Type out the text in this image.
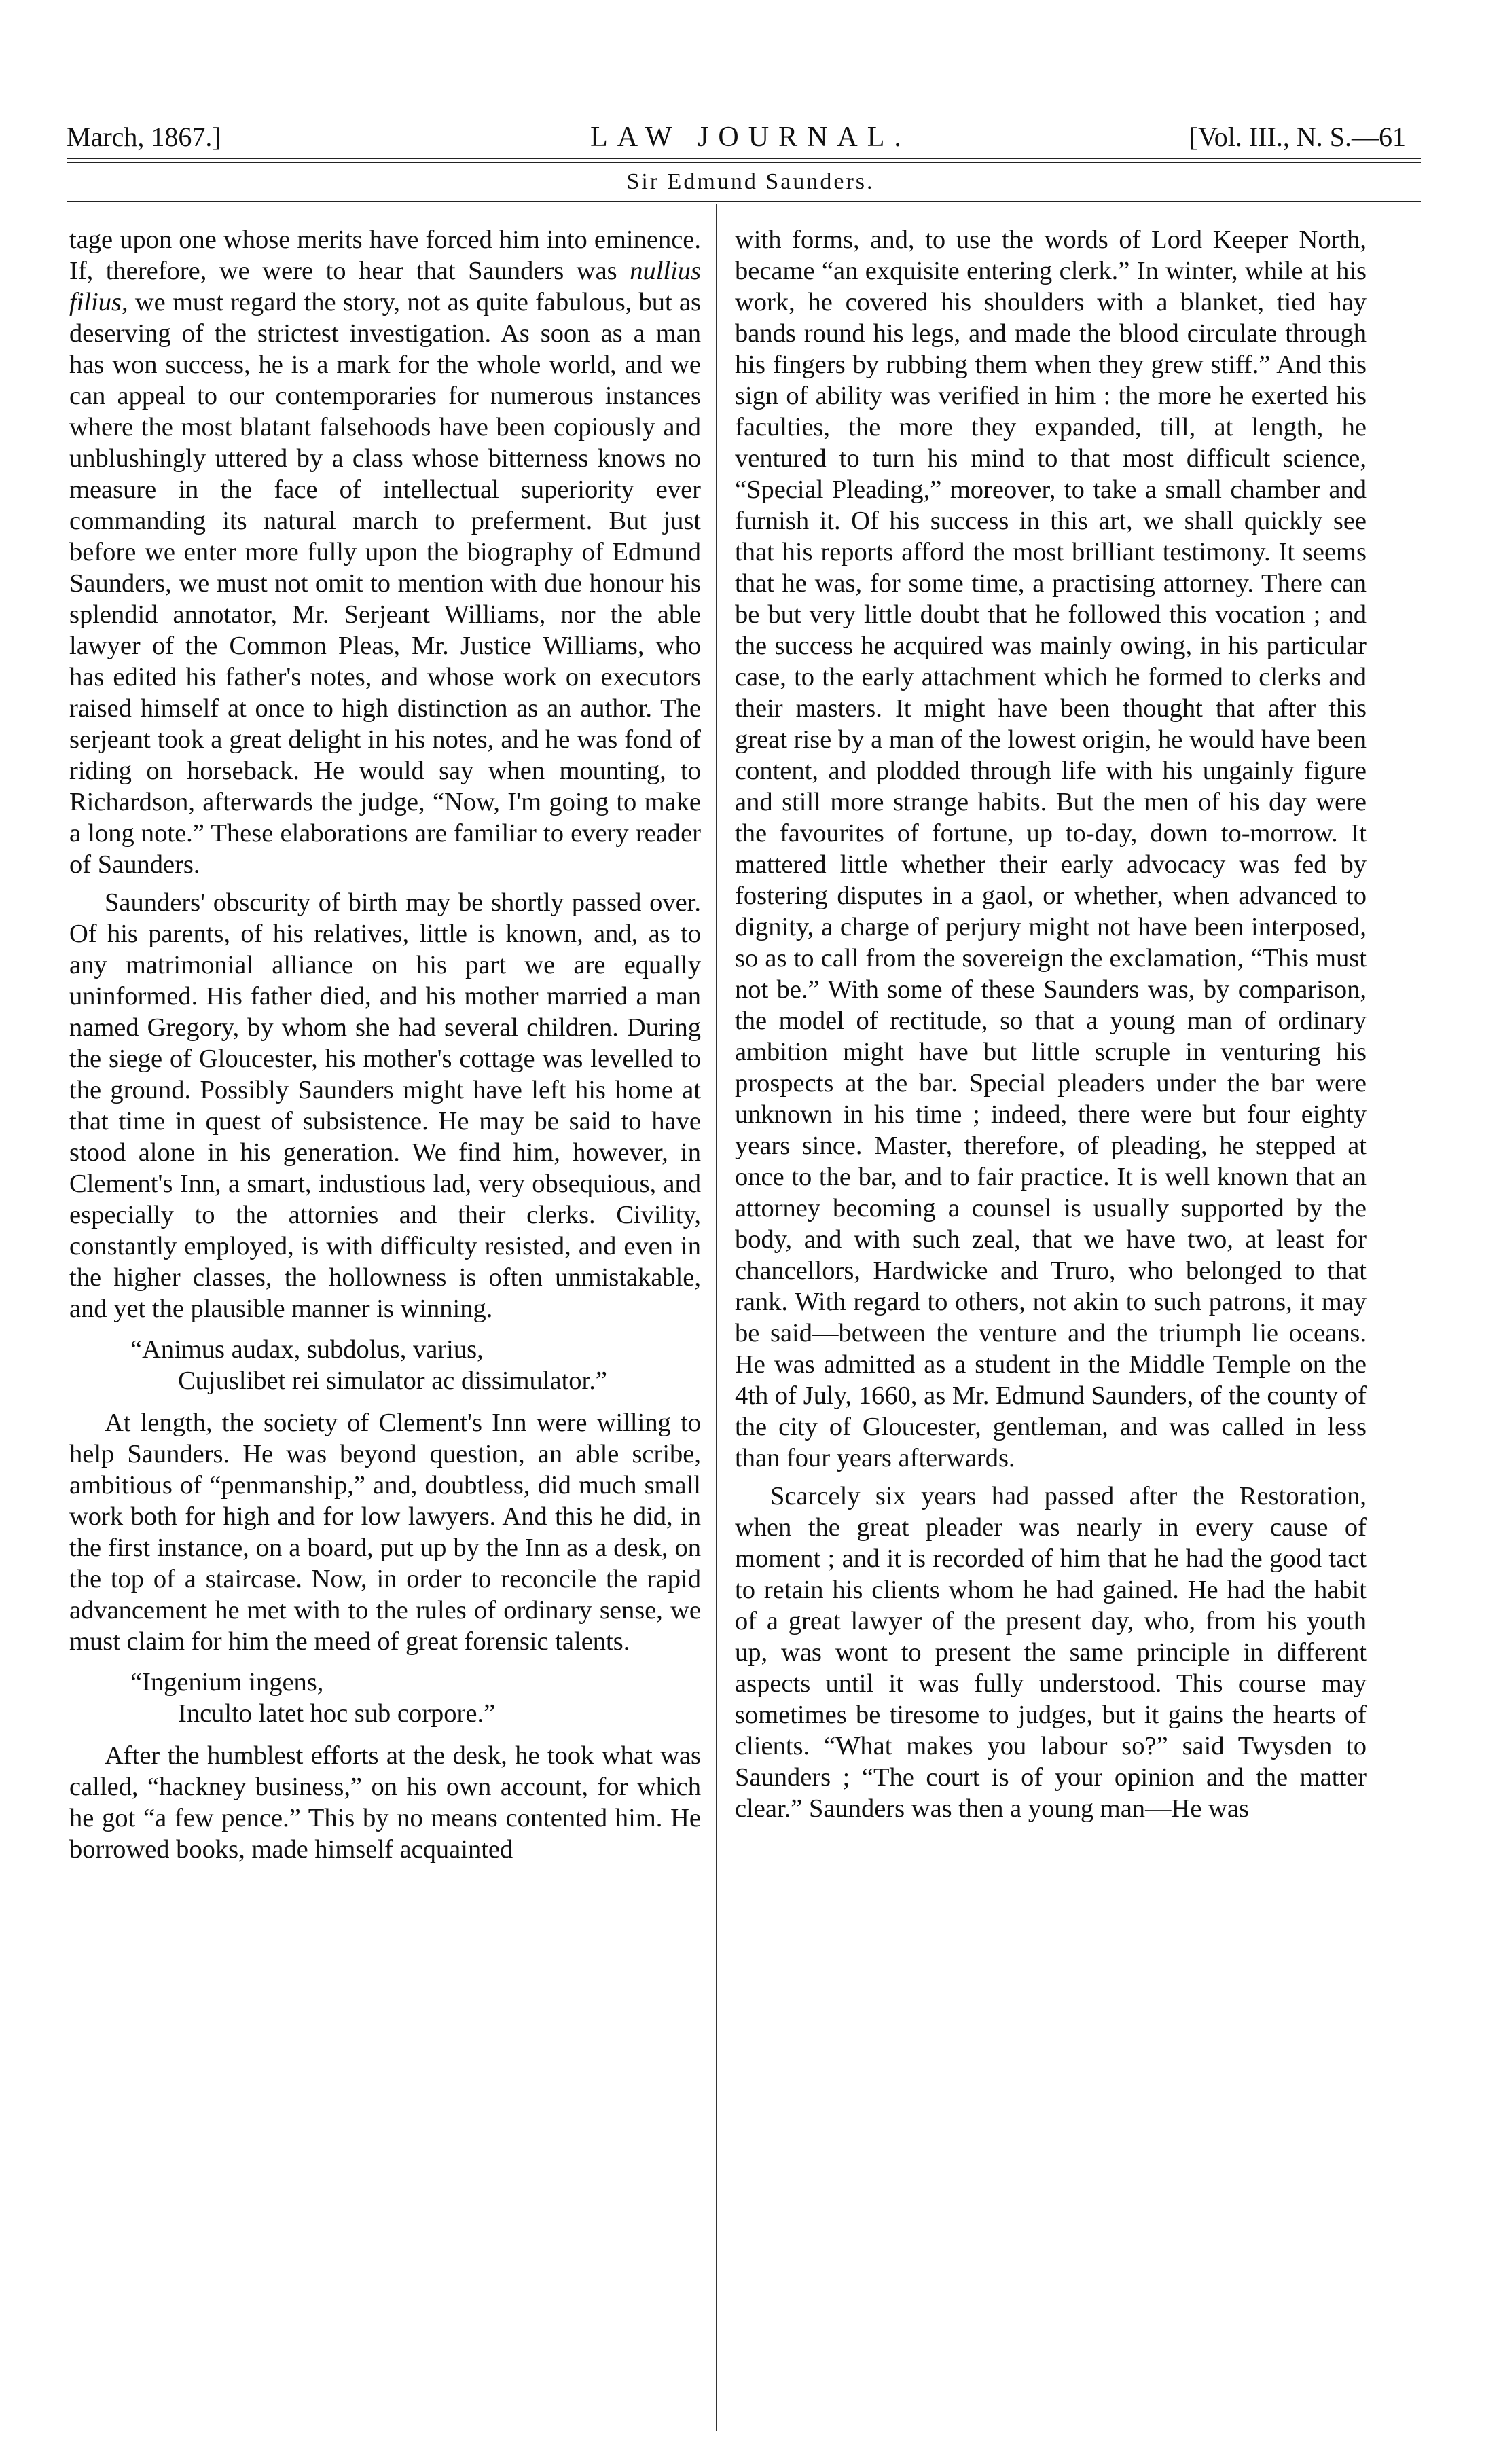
March, 1867.]	LAW JOURNAL.	[Vol. III., N. S.—61
Sir Edmund Saunders.

tage upon one whose merits have forced him into eminence. If, therefore, we were to hear that Saunders was nullius filius, we must regard the story, not as quite fabulous, but as deserving of the strictest investigation. As soon as a man has won success, he is a mark for the whole world, and we can appeal to our contemporaries for numerous instances where the most blatant falsehoods have been copiously and unblushingly uttered by a class whose bitterness knows no measure in the face of intellectual superiority ever commanding its natural march to preferment. But just before we enter more fully upon the biography of Edmund Saunders, we must not omit to mention with due honour his splendid annotator, Mr. Serjeant Williams, nor the able lawyer of the Common Pleas, Mr. Justice Williams, who has edited his father's notes, and whose work on executors raised himself at once to high distinction as an author. The serjeant took a great delight in his notes, and he was fond of riding on horseback. He would say when mounting, to Richardson, afterwards the judge, “Now, I'm going to make a long note.” These elaborations are familiar to every reader of Saunders.

Saunders' obscurity of birth may be shortly passed over. Of his parents, of his relatives, little is known, and, as to any matrimonial alliance on his part we are equally uninformed. His father died, and his mother married a man named Gregory, by whom she had several children. During the siege of Gloucester, his mother's cottage was levelled to the ground. Possibly Saunders might have left his home at that time in quest of subsistence. He may be said to have stood alone in his generation. We find him, however, in Clement's Inn, a smart, industious lad, very obsequious, and especially to the attornies and their clerks. Civility, constantly employed, is with difficulty resisted, and even in the higher classes, the hollowness is often unmistakable, and yet the plausible manner is winning.

“Animus audax, subdolus, varius,
Cujuslibet rei simulator ac dissimulator.”

At length, the society of Clement's Inn were willing to help Saunders. He was beyond question, an able scribe, ambitious of “penmanship,” and, doubtless, did much small work both for high and for low lawyers. And this he did, in the first instance, on a board, put up by the Inn as a desk, on the top of a staircase. Now, in order to reconcile the rapid advancement he met with to the rules of ordinary sense, we must claim for him the meed of great forensic talents.

“Ingenium ingens,
Inculto latet hoc sub corpore.”

After the humblest efforts at the desk, he took what was called, “hackney business,” on his own account, for which he got “a few pence.” This by no means contented him. He borrowed books, made himself acquainted

with forms, and, to use the words of Lord Keeper North, became “an exquisite entering clerk.” In winter, while at his work, he covered his shoulders with a blanket, tied hay bands round his legs, and made the blood circulate through his fingers by rubbing them when they grew stiff.” And this sign of ability was verified in him : the more he exerted his faculties, the more they expanded, till, at length, he ventured to turn his mind to that most difficult science, “Special Pleading,” moreover, to take a small chamber and furnish it. Of his success in this art, we shall quickly see that his reports afford the most brilliant testimony. It seems that he was, for some time, a practising attorney. There can be but very little doubt that he followed this vocation ; and the success he acquired was mainly owing, in his particular case, to the early attachment which he formed to clerks and their masters. It might have been thought that after this great rise by a man of the lowest origin, he would have been content, and plodded through life with his ungainly figure and still more strange habits. But the men of his day were the favourites of fortune, up to-day, down to-morrow. It mattered little whether their early advocacy was fed by fostering disputes in a gaol, or whether, when advanced to dignity, a charge of perjury might not have been interposed, so as to call from the sovereign the exclamation, “This must not be.” With some of these Saunders was, by comparison, the model of rectitude, so that a young man of ordinary ambition might have but little scruple in venturing his prospects at the bar. Special pleaders under the bar were unknown in his time ; indeed, there were but four eighty years since. Master, therefore, of pleading, he stepped at once to the bar, and to fair practice. It is well known that an attorney becoming a counsel is usually supported by the body, and with such zeal, that we have two, at least for chancellors, Hardwicke and Truro, who belonged to that rank. With regard to others, not akin to such patrons, it may be said—between the venture and the triumph lie oceans. He was admitted as a student in the Middle Temple on the 4th of July, 1660, as Mr. Edmund Saunders, of the county of the city of Gloucester, gentleman, and was called in less than four years afterwards.

Scarcely six years had passed after the Restoration, when the great pleader was nearly in every cause of moment ; and it is recorded of him that he had the good tact to retain his clients whom he had gained. He had the habit of a great lawyer of the present day, who, from his youth up, was wont to present the same principle in different aspects until it was fully understood. This course may sometimes be tiresome to judges, but it gains the hearts of clients. “What makes you labour so?” said Twysden to Saunders ; “The court is of your opinion and the matter clear.” Saunders was then a young man—He was
